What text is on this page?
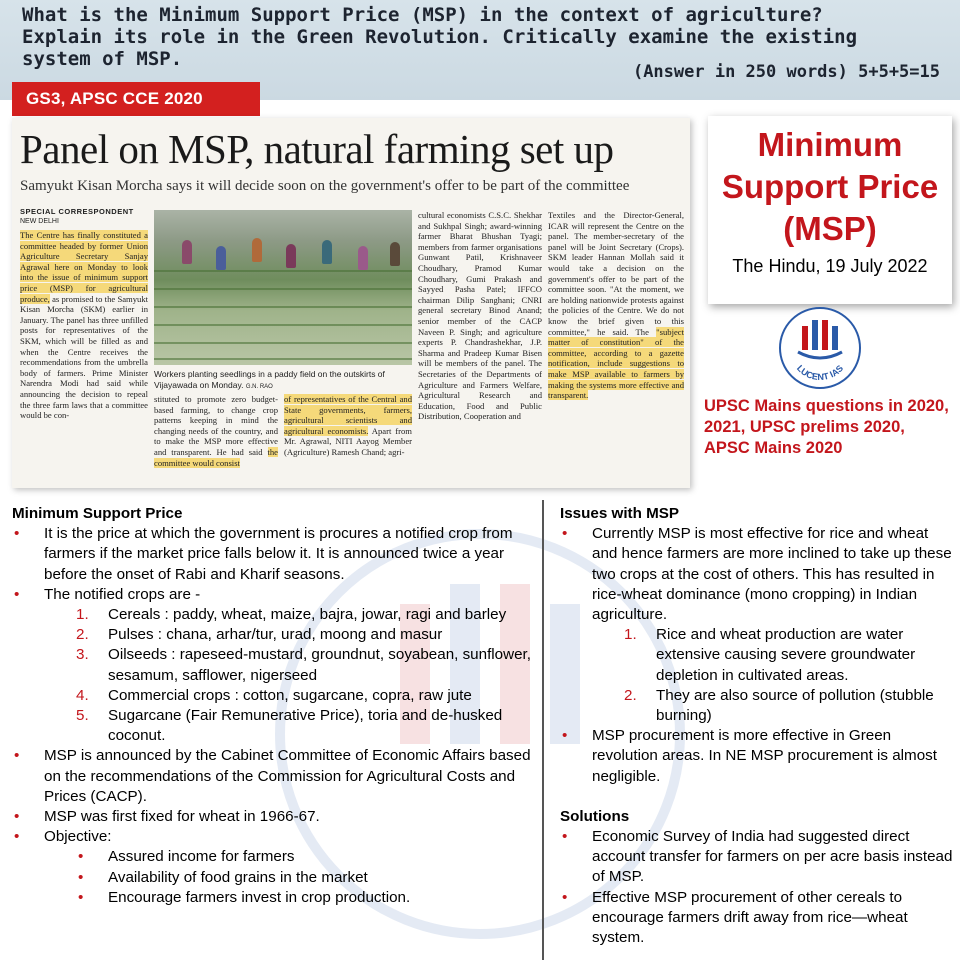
What is the Minimum Support Price (MSP) in the context of agriculture?
Explain its role in the Green Revolution. Critically examine the existing
system of MSP.
(Answer in 250 words) 5+5+5=15
GS3, APSC CCE 2020
Panel on MSP, natural farming set up
Samyukt Kisan Morcha says it will decide soon on the government's offer to be part of the committee
SPECIAL CORRESPONDENT
NEW DELHI
The Centre has finally constituted a committee headed by former Union Agriculture Secretary Sanjay Agrawal here on Monday to look into the issue of minimum support price (MSP) for agricultural produce, as promised to the Samyukt Kisan Morcha (SKM) earlier in January. The panel has three unfilled posts for representatives of the SKM, which will be filled as and when the Centre receives the recommendations from the umbrella body of farmers. Prime Minister Narendra Modi had said while announcing the decision to repeal the three farm laws that a committee would be con-
Workers planting seedlings in a paddy field on the outskirts of Vijayawada on Monday. G.N. RAO
stituted to promote zero budget-based farming, to change crop patterns keeping in mind the changing needs of the country, and to make the MSP more effective and transparent. He had said the committee would consist
of representatives of the Central and State governments, farmers, agricultural scientists and agricultural economists. Apart from Mr. Agrawal, NITI Aayog Member (Agriculture) Ramesh Chand; agri-
cultural economists C.S.C. Shekhar and Sukhpal Singh; award-winning farmer Bharat Bhushan Tyagi; members from farmer organisations Gunwant Patil, Krishnaveer Choudhary, Pramod Kumar Choudhary, Gumi Prakash and Sayyed Pasha Patel; IFFCO chairman Dilip Sanghani; CNRI general secretary Binod Anand; senior member of the CACP Naveen P. Singh; and agriculture experts P. Chandrashekhar, J.P. Sharma and Pradeep Kumar Bisen will be members of the panel. The Secretaries of the Departments of Agriculture and Farmers Welfare, Agricultural Research and Education, Food and Public Distribution, Cooperation and
Textiles and the Director-General, ICAR will represent the Centre on the panel. The member-secretary of the panel will be Joint Secretary (Crops). SKM leader Hannan Mollah said it would take a decision on the government's offer to be part of the committee soon. "At the moment, we are holding nationwide protests against the policies of the Centre. We do not know the brief given to this committee," he said. The "subject matter of constitution" of the committee, according to a gazette notification, include suggestions to make MSP available to farmers by making the systems more effective and transparent.
Minimum Support Price (MSP)
The Hindu, 19 July 2022
LUCENT IAS
UPSC Mains questions in 2020, 2021, UPSC prelims 2020, APSC Mains 2020
Minimum Support Price
• It is the price at which the government is procures a notified crop from farmers if the market price falls below it. It is announced twice a year before the onset of Rabi and Kharif seasons.
• The notified crops are -
1. Cereals : paddy, wheat, maize, bajra, jowar, ragi and barley
2. Pulses : chana, arhar/tur, urad, moong and masur
3. Oilseeds : rapeseed-mustard, groundnut, soyabean, sunflower, sesamum, safflower, nigerseed
4. Commercial crops : cotton, sugarcane, copra, raw jute
5. Sugarcane (Fair Remunerative Price), toria and de-husked coconut.
• MSP is announced by the Cabinet Committee of Economic Affairs based on the recommendations of the Commission for Agricultural Costs and Prices (CACP).
• MSP was first fixed for wheat in 1966-67.
• Objective:
• Assured income for farmers
• Availability of food grains in the market
• Encourage farmers invest in crop production.
Issues with MSP
• Currently MSP is most effective for rice and wheat and hence farmers are more inclined to take up these two crops at the cost of others. This has resulted in rice-wheat dominance (mono cropping) in Indian agriculture.
1. Rice and wheat production are water extensive causing severe groundwater depletion in cultivated areas.
2. They are also source of pollution (stubble burning)
• MSP procurement is more effective in Green revolution areas. In NE MSP procurement is almost negligible.
Solutions
• Economic Survey of India had suggested direct account transfer for farmers on per acre basis instead of MSP.
• Effective MSP procurement of other cereals to encourage farmers drift away from rice—wheat system.
